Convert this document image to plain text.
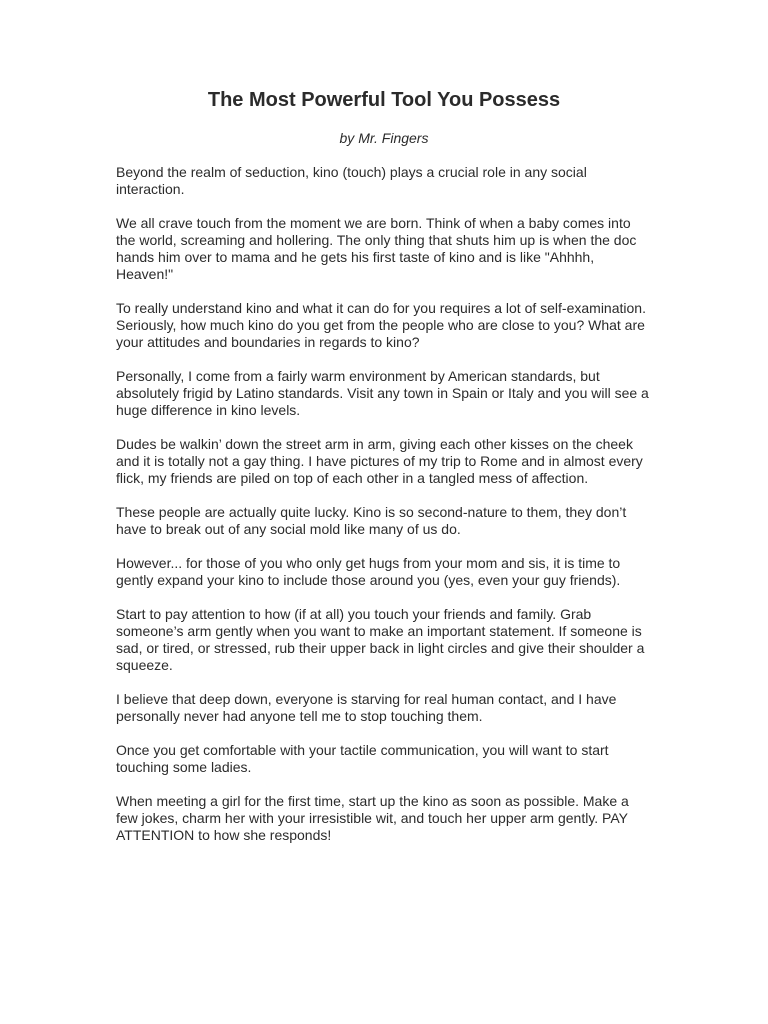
The Most Powerful Tool You Possess

by Mr. Fingers

Beyond the realm of seduction, kino (touch) plays a crucial role in any social interaction.

We all crave touch from the moment we are born. Think of when a baby comes into the world, screaming and hollering. The only thing that shuts him up is when the doc hands him over to mama and he gets his first taste of kino and is like "Ahhhh, Heaven!"

To really understand kino and what it can do for you requires a lot of self-examination. Seriously, how much kino do you get from the people who are close to you? What are your attitudes and boundaries in regards to kino?

Personally, I come from a fairly warm environment by American standards, but absolutely frigid by Latino standards. Visit any town in Spain or Italy and you will see a huge difference in kino levels.

Dudes be walkin’ down the street arm in arm, giving each other kisses on the cheek and it is totally not a gay thing. I have pictures of my trip to Rome and in almost every flick, my friends are piled on top of each other in a tangled mess of affection.

These people are actually quite lucky. Kino is so second-nature to them, they don’t have to break out of any social mold like many of us do.

However... for those of you who only get hugs from your mom and sis, it is time to gently expand your kino to include those around you (yes, even your guy friends).

Start to pay attention to how (if at all) you touch your friends and family. Grab someone’s arm gently when you want to make an important statement. If someone is sad, or tired, or stressed, rub their upper back in light circles and give their shoulder a squeeze.

I believe that deep down, everyone is starving for real human contact, and I have personally never had anyone tell me to stop touching them.

Once you get comfortable with your tactile communication, you will want to start touching some ladies.

When meeting a girl for the first time, start up the kino as soon as possible. Make a few jokes, charm her with your irresistible wit, and touch her upper arm gently. PAY ATTENTION to how she responds!
